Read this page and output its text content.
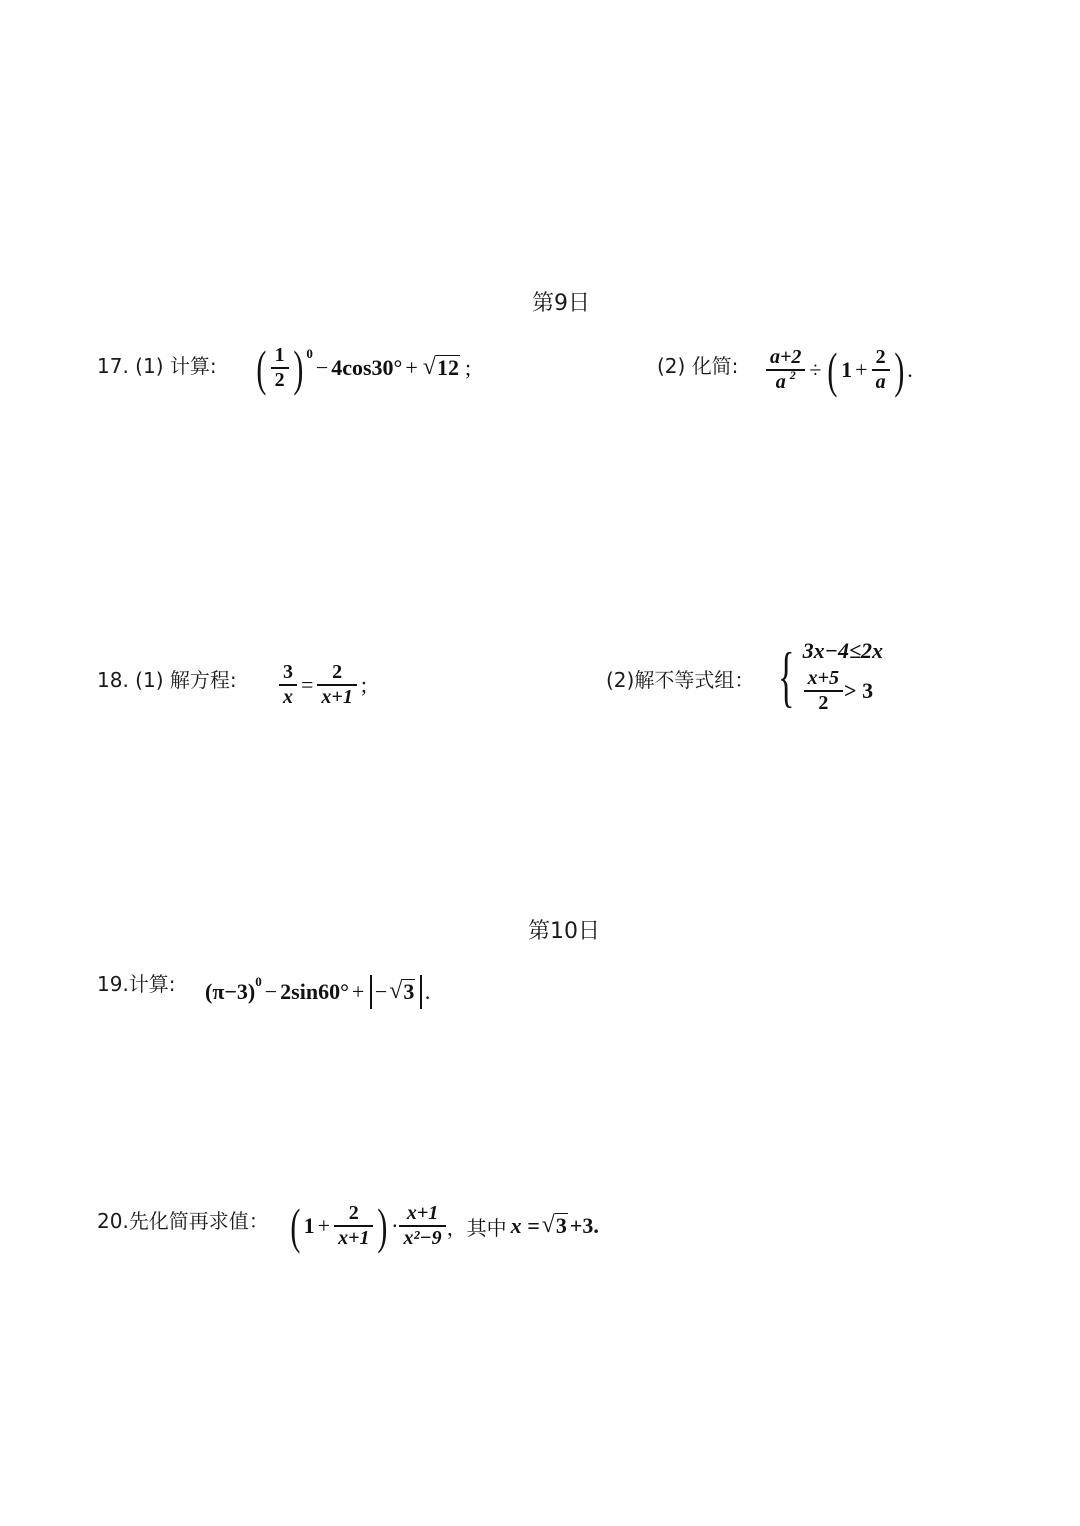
第9日
17. (1) 计算: ( $\frac{1}{2}$ ) 0
− 4cos30° + √ 12 ;	(2) 化简: $\frac{a+2}{a ^2}$ ÷ ( $1 + \frac{2}{a}$ ) .
18. (1) 解方程: $\frac{3}{x} = \frac{2}{x+1}$ ;	(2)解不等式组： { 3x−4≤2x
$\frac{x+5}{2} > 3$
第10日
19.计算: (π−3) 0 − 2sin60° + − √ 3 .
20.先化简再求值： ( $1 + \frac{2}{x+1}$ ) · $\frac{x+1}{\text{x²−9}}$ ，其中 x = √ 3 +3.
